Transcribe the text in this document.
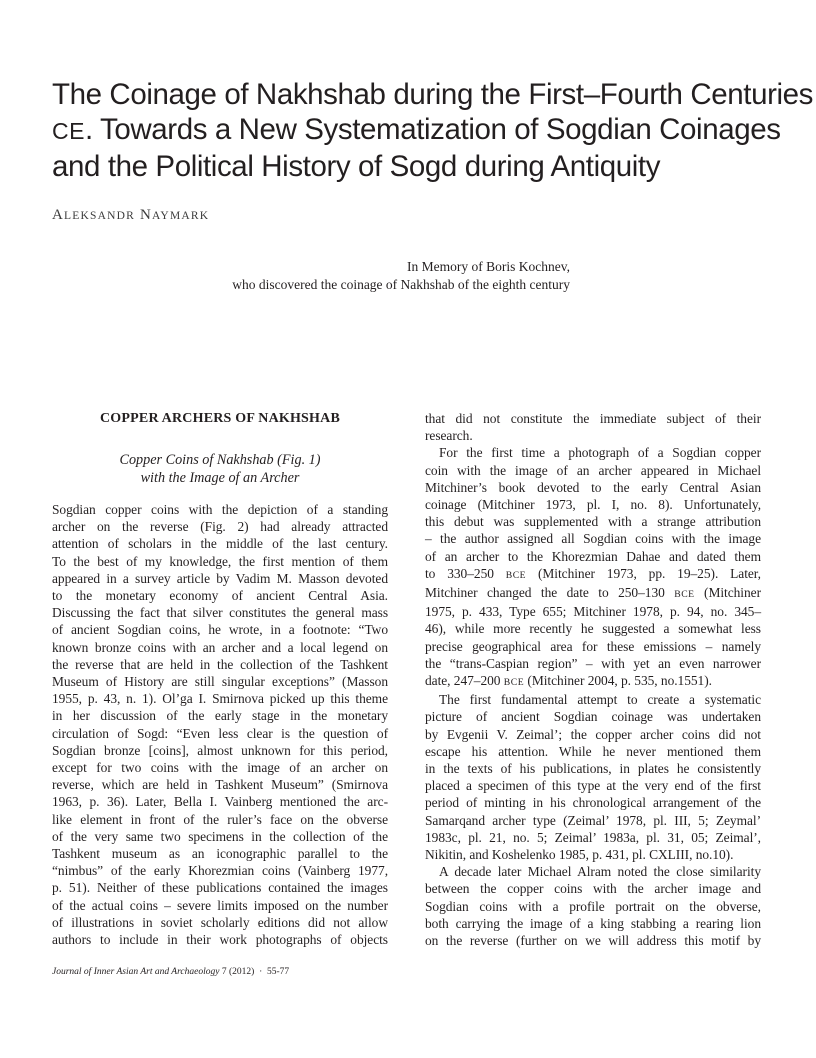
The Coinage of Nakhshab during the First–Fourth Centuries
CE. Towards a New Systematization of Sogdian Coinages
and the Political History of Sogd during Antiquity
ALEKSANDR NAYMARK
In Memory of Boris Kochnev,
who discovered the coinage of Nakhshab of the eighth century
COPPER ARCHERS OF NAKHSHAB
Copper Coins of Nakhshab (Fig. 1)
with the Image of an Archer

Sogdian copper coins with the depiction of a standing
archer on the reverse (Fig. 2) had already attracted
attention of scholars in the middle of the last century.
To the best of my knowledge, the first mention of them
appeared in a survey article by Vadim M. Masson devoted
to the monetary economy of ancient Central Asia.
Discussing the fact that silver constitutes the general mass
of ancient Sogdian coins, he wrote, in a footnote: “Two
known bronze coins with an archer and a local legend on
the reverse that are held in the collection of the Tashkent
Museum of History are still singular exceptions” (Masson
1955, p. 43, n. 1). Ol’ga I. Smirnova picked up this theme
in her discussion of the early stage in the monetary
circulation of Sogd: “Even less clear is the question of
Sogdian bronze [coins], almost unknown for this period,
except for two coins with the image of an archer on
reverse, which are held in Tashkent Museum” (Smirnova
1963, p. 36). Later, Bella I. Vainberg mentioned the arc-
like element in front of the ruler’s face on the obverse
of the very same two specimens in the collection of the
Tashkent museum as an iconographic parallel to the
“nimbus” of the early Khorezmian coins (Vainberg 1977,
p. 51). Neither of these publications contained the images
of the actual coins – severe limits imposed on the number
of illustrations in soviet scholarly editions did not allow
authors to include in their work photographs of objects

that did not constitute the immediate subject of their
research.

For the first time a photograph of a Sogdian copper
coin with the image of an archer appeared in Michael
Mitchiner’s book devoted to the early Central Asian
coinage (Mitchiner 1973, pl. I, no. 8). Unfortunately,
this debut was supplemented with a strange attribution
– the author assigned all Sogdian coins with the image
of an archer to the Khorezmian Dahae and dated them
to 330–250 BCE (Mitchiner 1973, pp. 19–25). Later,
Mitchiner changed the date to 250–130 BCE (Mitchiner
1975, p. 433, Type 655; Mitchiner 1978, p. 94, no. 345–
46), while more recently he suggested a somewhat less
precise geographical area for these emissions – namely
the “trans-Caspian region” – with yet an even narrower
date, 247–200 BCE (Mitchiner 2004, p. 535, no.1551).

The first fundamental attempt to create a systematic
picture of ancient Sogdian coinage was undertaken
by Evgenii V. Zeimal’; the copper archer coins did not
escape his attention. While he never mentioned them
in the texts of his publications, in plates he consistently
placed a specimen of this type at the very end of the first
period of minting in his chronological arrangement of the
Samarqand archer type (Zeimal’ 1978, pl. III, 5; Zeymal’
1983c, pl. 21, no. 5; Zeimal’ 1983a, pl. 31, 05; Zeimal’,
Nikitin, and Koshelenko 1985, p. 431, pl. CXLIII, no.10).

A decade later Michael Alram noted the close similarity
between the copper coins with the archer image and
Sogdian coins with a profile portrait on the obverse,
both carrying the image of a king stabbing a rearing lion
on the reverse (further on we will address this motif by

Journal of Inner Asian Art and Archaeology 7 (2012) · 55-77
